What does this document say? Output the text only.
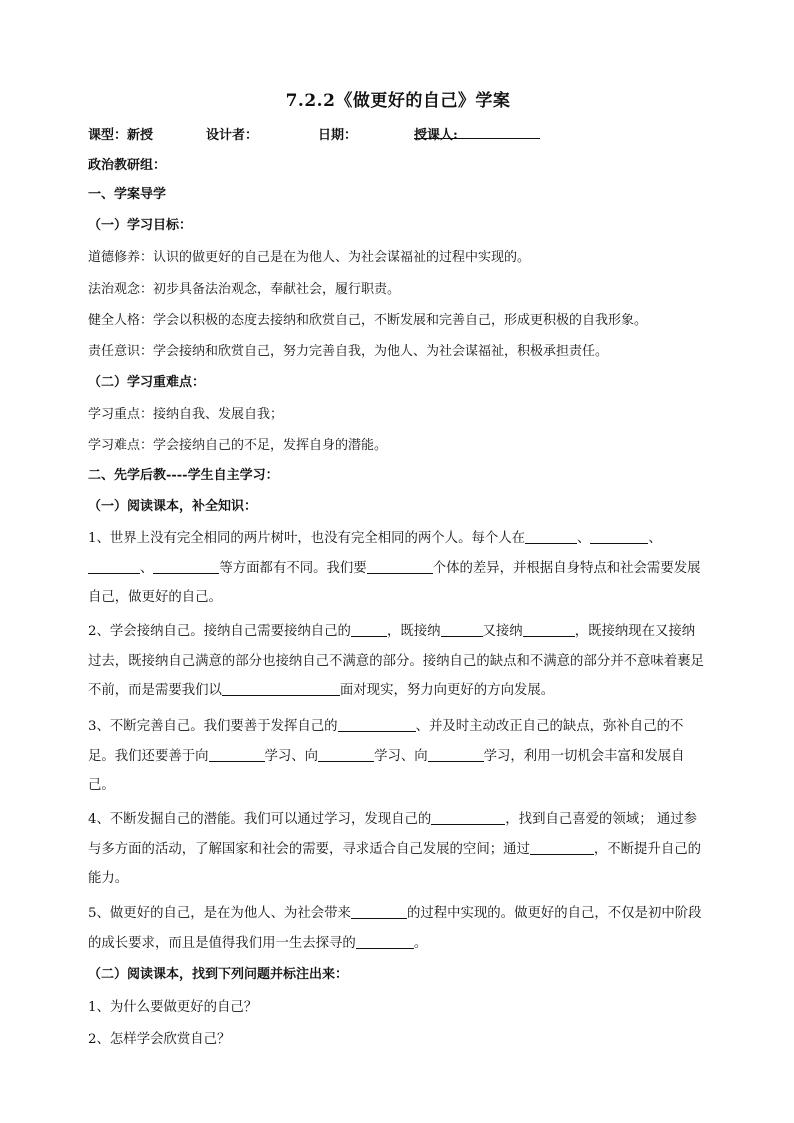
7.2.2《做更好的自己》学案
课型：新授	设计者：	日期：	授课人:
政治教研组：
一、学案导学
（一）学习目标：
道德修养：认识的做更好的自己是在为他人、为社会谋福祉的过程中实现的。
法治观念：初步具备法治观念，奉献社会，履行职责。
健全人格：学会以积极的态度去接纳和欣赏自己，不断发展和完善自己，形成更积极的自我形象。
责任意识：学会接纳和欣赏自己，努力完善自我，为他人、为社会谋福祉，积极承担责任。
（二）学习重难点：
学习重点：接纳自我、发展自我；
学习难点：学会接纳自己的不足，发挥自身的潜能。
二、先学后教----学生自主学习：
（一）阅读课本，补全知识：
1、世界上没有完全相同的两片树叶，也没有完全相同的两个人。每个人在	、	、
、	等方面都有不同。我们要	个体的差异，并根据自身特点和社会需要发展自己，做更好的自己。
2、学会接纳自己。接纳自己需要接纳自己的	，既接纳	又接纳	，既接纳现在又接纳过去，既接纳自己满意的部分也接纳自己不满意的部分。接纳自己的缺点和不满意的部分并不意味着裹足不前，而是需要我们以	面对现实，努力向更好的方向发展。
3、不断完善自己。我们要善于发挥自己的	、并及时主动改正自己的缺点，弥补自己的不足。我们还要善于向	学习、向	学习、向	学习，利用一切机会丰富和发展自己。
4、不断发掘自己的潜能。我们可以通过学习，发现自己的	，找到自己喜爱的领域； 通过参与多方面的活动，了解国家和社会的需要，寻求适合自己发展的空间；通过	，不断提升自己的能力。
5、做更好的自己，是在为他人、为社会带来	的过程中实现的。做更好的自己，不仅是初中阶段的成长要求，而且是值得我们用一生去探寻的	。
（二）阅读课本，找到下列问题并标注出来：
1、为什么要做更好的自己？
2、怎样学会欣赏自己？
